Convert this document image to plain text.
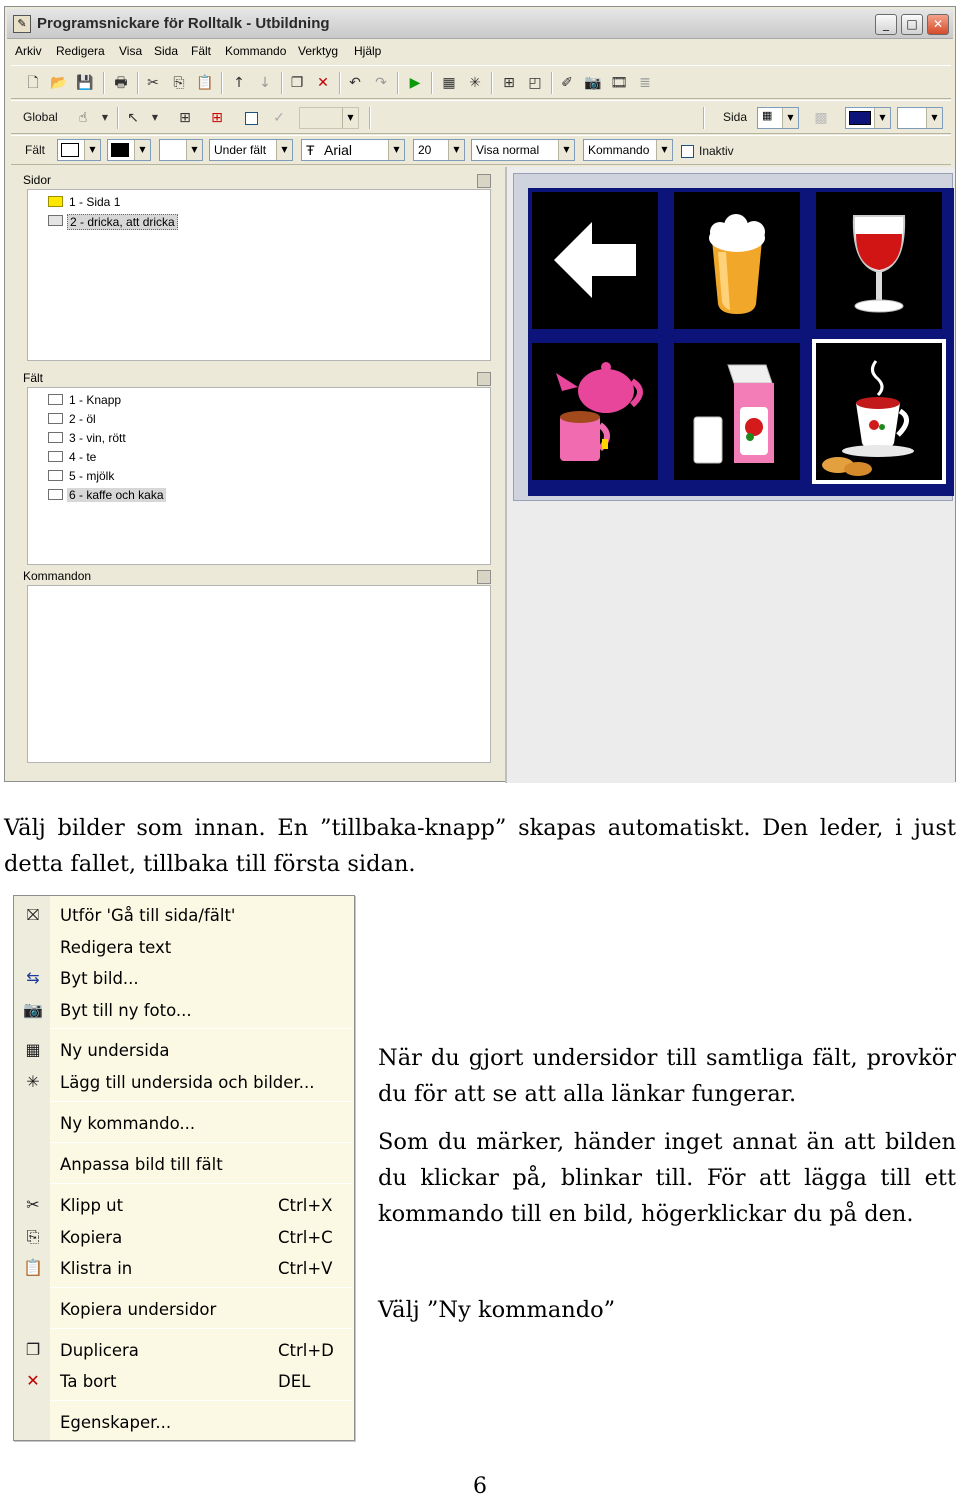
✎ Programsnickare för Rolltalk - Utbildning	_	□	✕
Arkiv Redigera Visa Sida Fält Kommando Verktyg Hjälp
🗋 📂 💾 🖶 ✂	⎘ 📋 ↑ ↓ ❐ ✕ ↶ ↷	▶	▦ ✳ ⊞ ◰ ✐ 📷 🎞 ≣
Global	☝	▼	↖	▼	⊞ ⊞	✓	▼	Sida ▦	▼	▩	▼	▼
Fält	▼	▼	▼	Under fält	▼	Ŧ Arial	▼	20	▼	Visa normal	▼	Kommando	▼	Inaktiv
Sidor
1 - Sida 1
2 - dricka, att dricka
Fält
1 - Knapp
2 - öl
3 - vin, rött
4 - te
5 - mjölk
6 - kaffe och kaka
Kommandon

Välj bilder som innan. En ”tillbaka-knapp” skapas automatiskt. Den leder, i just detta fallet, tillbaka till första sidan.

⛝ Utför 'Gå till sida/fält'
Redigera text
⇆ Byt bild...
📷 Byt till ny foto...
▦ Ny undersida
✳ Lägg till undersida och bilder...
Ny kommando...
Anpassa bild till fält
✂ Klipp ut	Ctrl+X
⎘ Kopiera	Ctrl+C
📋 Klistra in	Ctrl+V
Kopiera undersidor
❐ Duplicera	Ctrl+D
✕ Ta bort	DEL
Egenskaper...

När du gjort undersidor till samtliga fält, provkör du för att se att alla länkar fungerar.

Som du märker, händer inget annat än att bilden du klickar på, blinkar till. För att lägga till ett kommando till en bild, högerklickar du på den.

Välj ”Ny kommando”

6
